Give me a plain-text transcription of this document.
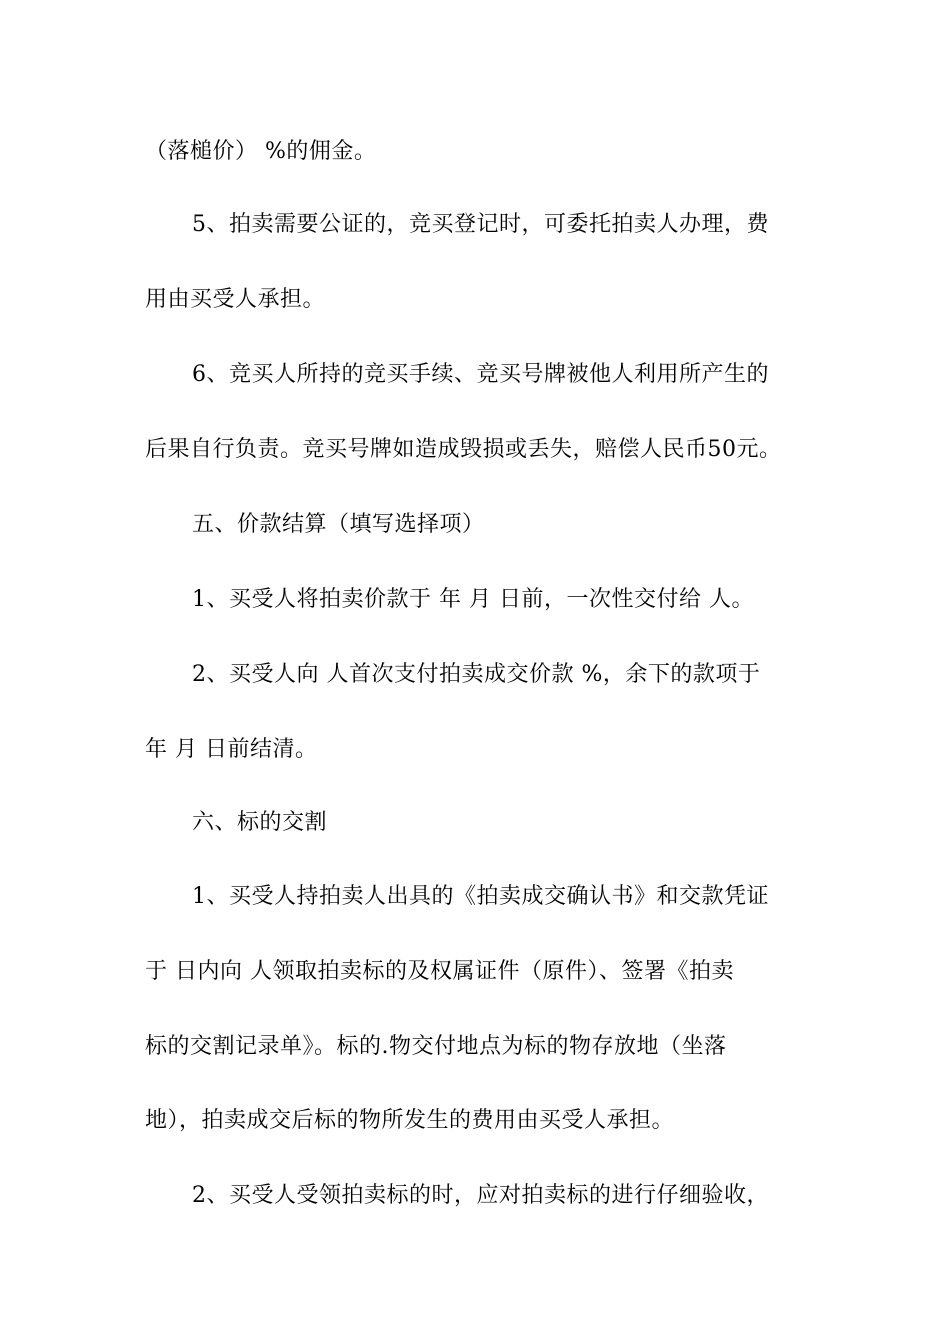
（落槌价） %的佣金。
5、拍卖需要公证的，竞买登记时，可委托拍卖人办理，费
用由买受人承担。
6、竞买人所持的竞买手续、竞买号牌被他人利用所产生的
后果自行负责。竞买号牌如造成毁损或丢失，赔偿人民币50元。
五、价款结算（填写选择项）
1、买受人将拍卖价款于 年 月 日前，一次性交付给 人。
2、买受人向 人首次支付拍卖成交价款 %，余下的款项于
年 月 日前结清。
六、标的交割
1、买受人持拍卖人出具的《拍卖成交确认书》和交款凭证
于 日内向 人领取拍卖标的及权属证件（原件）、签署《拍卖
标的交割记录单》。标的.物交付地点为标的物存放地（坐落
地），拍卖成交后标的物所发生的费用由买受人承担。
2、买受人受领拍卖标的时，应对拍卖标的进行仔细验收，
